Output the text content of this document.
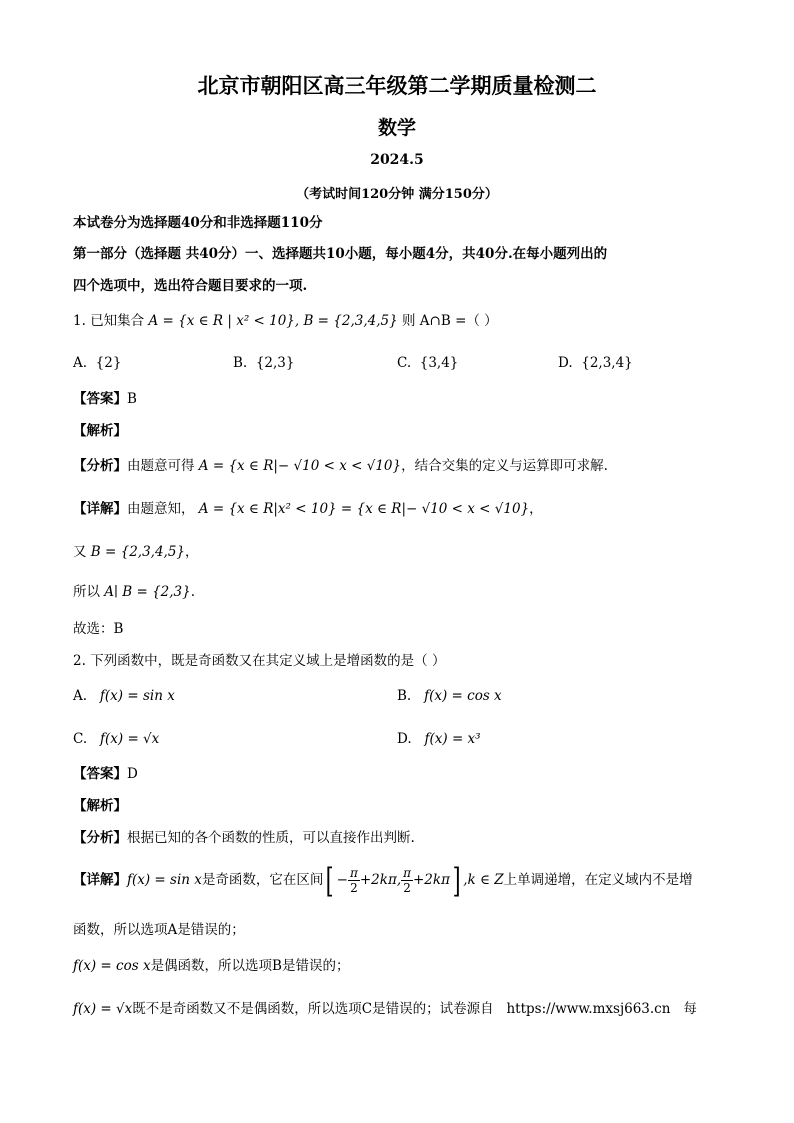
北京市朝阳区高三年级第二学期质量检测二
数学
2024.5
（考试时间120分钟 满分150分）
本试卷分为选择题40分和非选择题110分
第一部分（选择题 共40分）一、选择题共10小题，每小题4分，共40分.在每小题列出的
四个选项中，选出符合题目要求的一项.
1. 已知集合 A = {x ∈ R | x² < 10}, B = {2,3,4,5} 则 A∩B =（ ）
A. {2}	B. {2,3}	C. {3,4}	D. {2,3,4}
【答案】B
【解析】
【分析】由题意可得 A = {x ∈ R|− √10 < x < √10}，结合交集的定义与运算即可求解.
【详解】由题意知， A = {x ∈ R|x² < 10} = {x ∈ R|− √10 < x < √10}，
又 B = {2,3,4,5}，
所以 A∣ B = {2,3}.
故选：B
2. 下列函数中，既是奇函数又在其定义域上是增函数的是（ ）
A. f(x) = sin x	B. f(x) = cos x
C. f(x) = √x	D. f(x) = x³
【答案】D
【解析】
【分析】根据已知的各个函数的性质，可以直接作出判断.
【详解】f(x) = sin x是奇函数，它在区间[ − $\frac{\pi}{2} +2k\pi$, $\frac{\pi}{2} +2k\pi$] ,k ∈ Z上单调递增，在定义域内不是增
函数，所以选项A是错误的；
f(x) = cos x是偶函数，所以选项B是错误的；
f(x) = √x既不是奇函数又不是偶函数，所以选项C是错误的；试卷源自 https://www.mxsj663.cn 每
